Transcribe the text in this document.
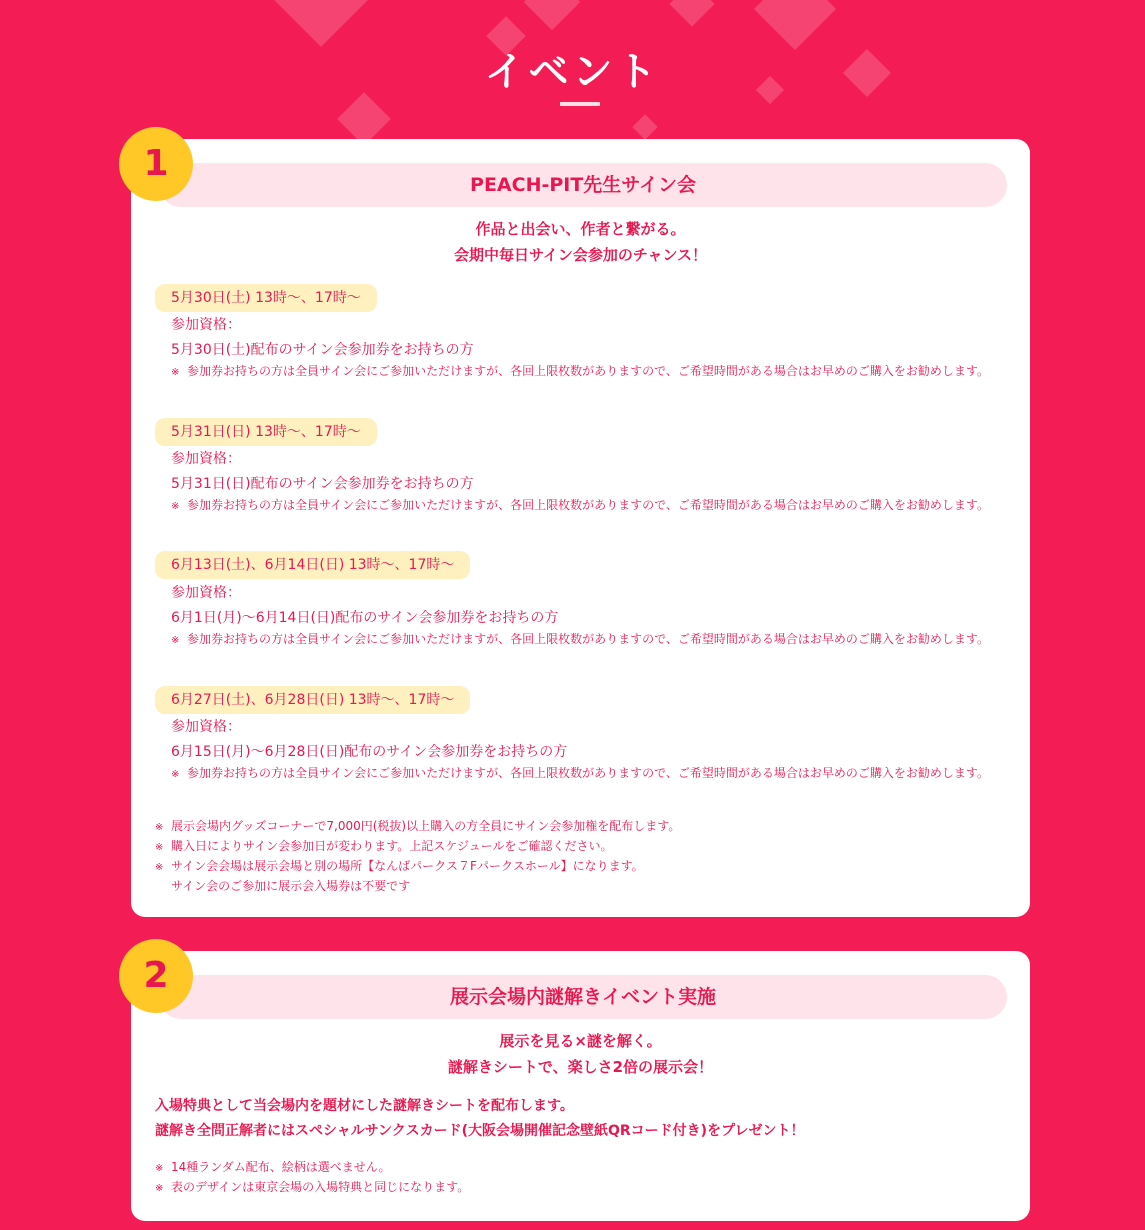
イベント
1
PEACH-PIT先生サイン会
作品と出会い、作者と繋がる。
会期中毎日サイン会参加のチャンス！
5月30日(土) 13時〜、17時〜
参加資格：
5月30日(土)配布のサイン会参加券をお持ちの方
※ 参加券お持ちの方は全員サイン会にご参加いただけますが、各回上限枚数がありますので、ご希望時間がある場合はお早めのご購入をお勧めします。
5月31日(日) 13時〜、17時〜
参加資格：
5月31日(日)配布のサイン会参加券をお持ちの方
※ 参加券お持ちの方は全員サイン会にご参加いただけますが、各回上限枚数がありますので、ご希望時間がある場合はお早めのご購入をお勧めします。
6月13日(土)、6月14日(日) 13時〜、17時〜
参加資格：
6月1日(月)〜6月14日(日)配布のサイン会参加券をお持ちの方
※ 参加券お持ちの方は全員サイン会にご参加いただけますが、各回上限枚数がありますので、ご希望時間がある場合はお早めのご購入をお勧めします。
6月27日(土)、6月28日(日) 13時〜、17時〜
参加資格：
6月15日(月)〜6月28日(日)配布のサイン会参加券をお持ちの方
※ 参加券お持ちの方は全員サイン会にご参加いただけますが、各回上限枚数がありますので、ご希望時間がある場合はお早めのご購入をお勧めします。
※ 展示会場内グッズコーナーで7,000円(税抜)以上購入の方全員にサイン会参加権を配布します。
※ 購入日によりサイン会参加日が変わります。上記スケジュールをご確認ください。
※ サイン会会場は展示会場と別の場所【なんばパークス７Fパークスホール】になります。
サイン会のご参加に展示会入場券は不要です
2
展示会場内謎解きイベント実施
展示を見る×謎を解く。
謎解きシートで、楽しさ2倍の展示会！
入場特典として当会場内を題材にした謎解きシートを配布します。
謎解き全問正解者にはスペシャルサンクスカード(大阪会場開催記念壁紙QRコード付き)をプレゼント！
※ 14種ランダム配布、絵柄は選べません。
※ 表のデザインは東京会場の入場特典と同じになります。
